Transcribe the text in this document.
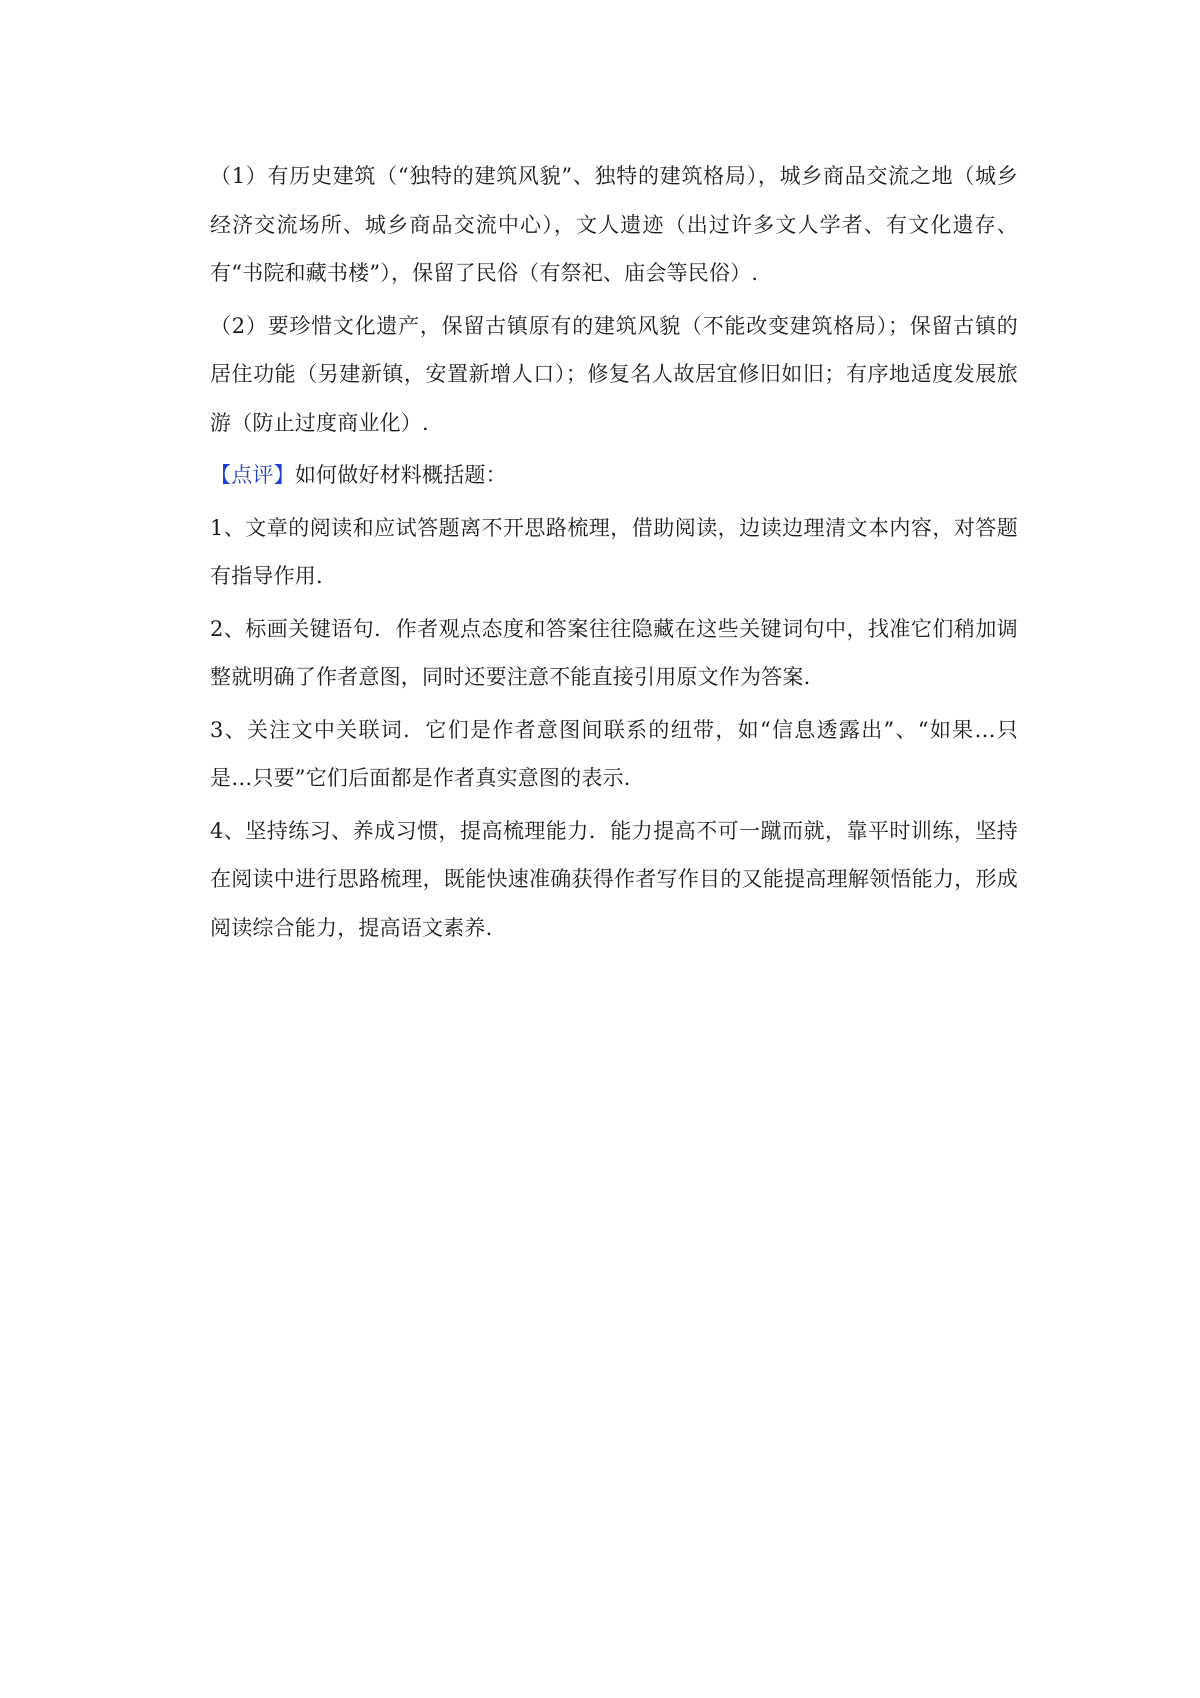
（1）有历史建筑（“独特的建筑风貌”、独特的建筑格局），城乡商品交流之地（城乡经济交流场所、城乡商品交流中心），文人遗迹（出过许多文人学者、有文化遗存、有“书院和藏书楼”），保留了民俗（有祭祀、庙会等民俗）.

（2）要珍惜文化遗产，保留古镇原有的建筑风貌（不能改变建筑格局）；保留古镇的居住功能（另建新镇，安置新增人口）；修复名人故居宜修旧如旧；有序地适度发展旅游（防止过度商业化）.

【点评】如何做好材料概括题：

1、文章的阅读和应试答题离不开思路梳理，借助阅读，边读边理清文本内容，对答题有指导作用.

2、标画关键语句．作者观点态度和答案往往隐藏在这些关键词句中，找准它们稍加调整就明确了作者意图，同时还要注意不能直接引用原文作为答案.

3、关注文中关联词．它们是作者意图间联系的纽带，如“信息透露出”、“如果…只是…只要”它们后面都是作者真实意图的表示.

4、坚持练习、养成习惯，提高梳理能力．能力提高不可一蹴而就，靠平时训练，坚持在阅读中进行思路梳理，既能快速准确获得作者写作目的又能提高理解领悟能力，形成阅读综合能力，提高语文素养.
